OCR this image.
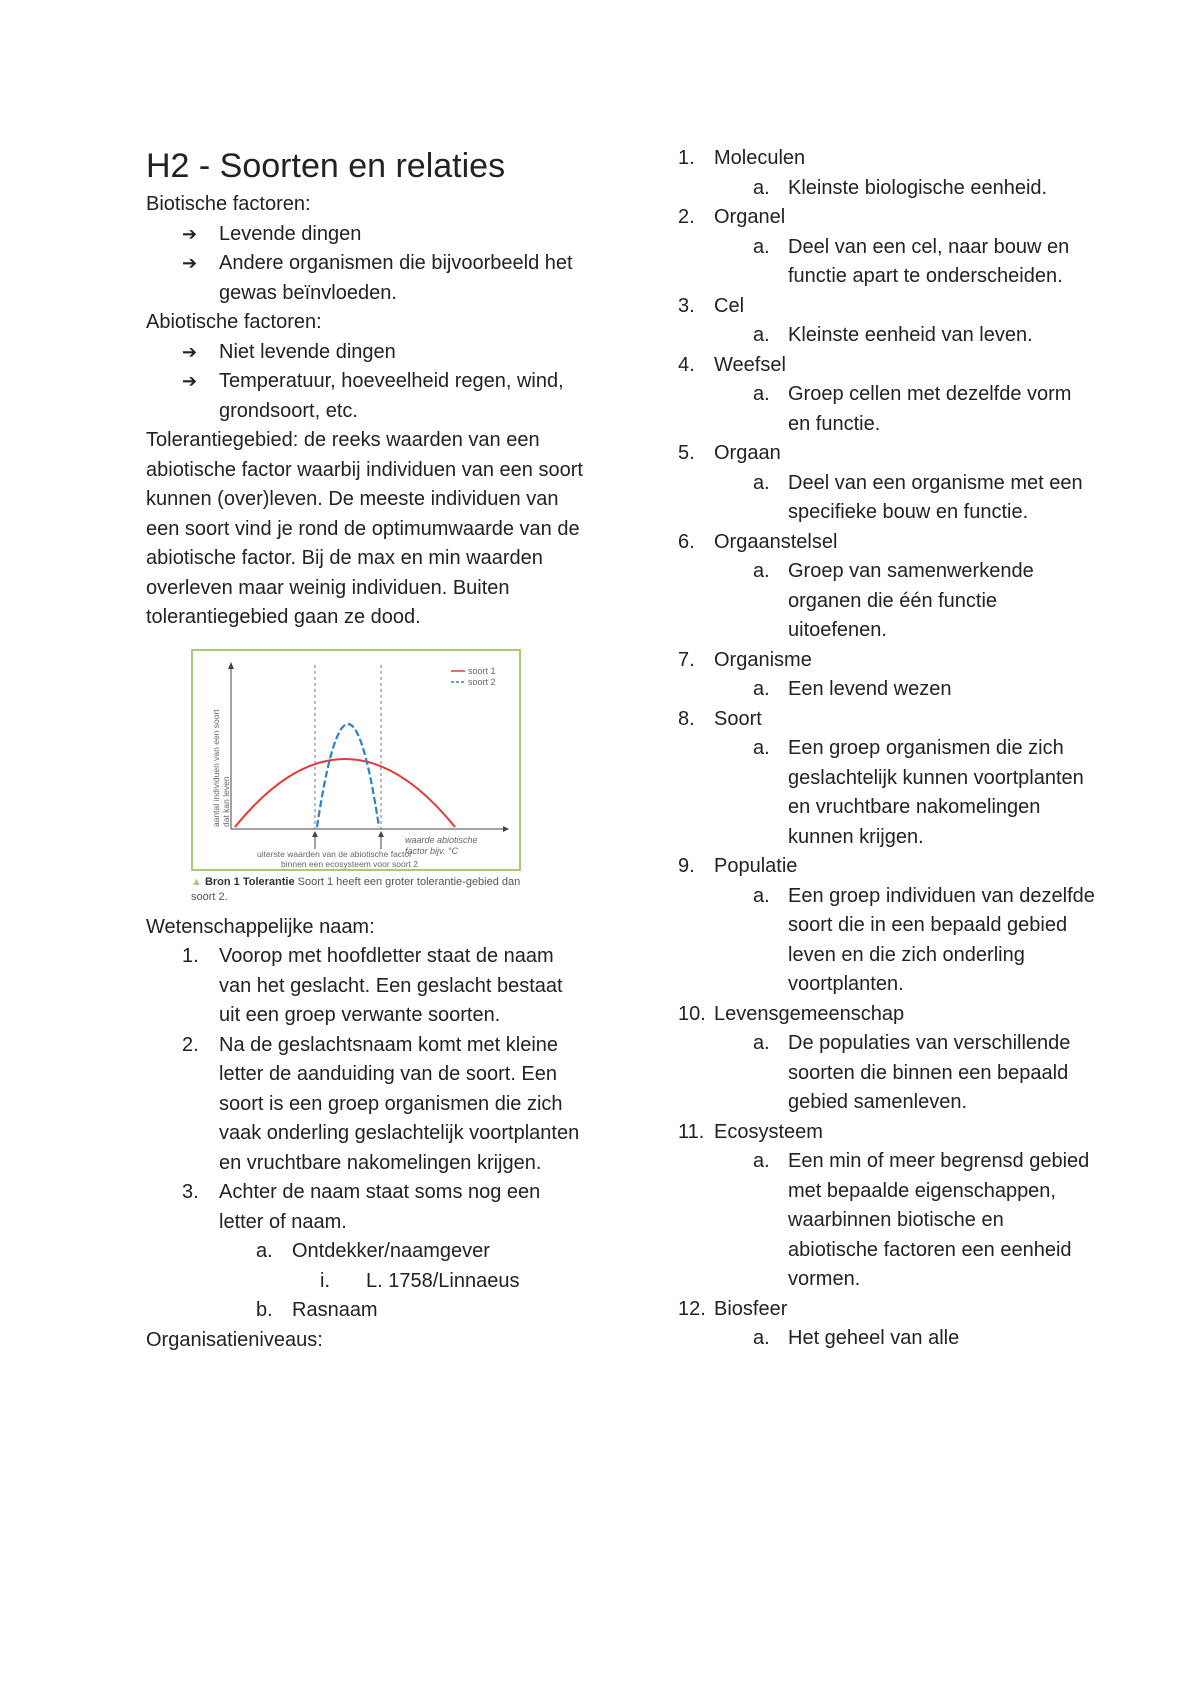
H2 - Soorten en relaties

Biotische factoren:

➔	Levende dingen
➔	Andere organismen die bijvoorbeeld het gewas beïnvloeden.

Abiotische factoren:

➔	Niet levende dingen
➔	Temperatuur, hoeveelheid regen, wind, grondsoort, etc.

Tolerantiegebied: de reeks waarden van een abiotische factor waarbij individuen van een soort kunnen (over)leven. De meeste individuen van een soort vind je rond de optimumwaarde van de abiotische factor. Bij de max en min waarden overleven maar weinig individuen. Buiten tolerantiegebied gaan ze dood.

soort 1
soort 2
aantal individuen van een soort dat kan leven
waarde abiotische
factor bijv. °C
uiterste waarden van de abiotische factor
binnen een ecosysteem voor soort 2
▲ Bron 1 Tolerantie Soort 1 heeft een groter tolerantie-gebied dan soort 2.

Wetenschappelijke naam:

1.	Voorop met hoofdletter staat de naam van het geslacht. Een geslacht bestaat uit een groep verwante soorten.
2.	Na de geslachtsnaam komt met kleine letter de aanduiding van de soort. Een soort is een groep organismen die zich vaak onderling geslachtelijk voortplanten en vruchtbare nakomelingen krijgen.
3.	Achter de naam staat soms nog een letter of naam.
a. Ontdekker/naamgever
i.	L. 1758/Linnaeus
b. Rasnaam

Organisatieniveaus:

1. Moleculen
a. Kleinste biologische eenheid.
2. Organel
a. Deel van een cel, naar bouw en functie apart te onderscheiden.
3. Cel
a. Kleinste eenheid van leven.
4. Weefsel
a. Groep cellen met dezelfde vorm en functie.
5. Orgaan
a. Deel van een organisme met een specifieke bouw en functie.
6. Orgaanstelsel
a. Groep van samenwerkende organen die één functie uitoefenen.
7. Organisme
a. Een levend wezen
8. Soort
a. Een groep organismen die zich geslachtelijk kunnen voortplanten en vruchtbare nakomelingen kunnen krijgen.
9. Populatie
a. Een groep individuen van dezelfde soort die in een bepaald gebied leven en die zich onderling voortplanten.
10. Levensgemeenschap
a. De populaties van verschillende soorten die binnen een bepaald gebied samenleven.
11. Ecosysteem
a. Een min of meer begrensd gebied met bepaalde eigenschappen, waarbinnen biotische en abiotische factoren een eenheid vormen.
12. Biosfeer
a. Het geheel van alle
